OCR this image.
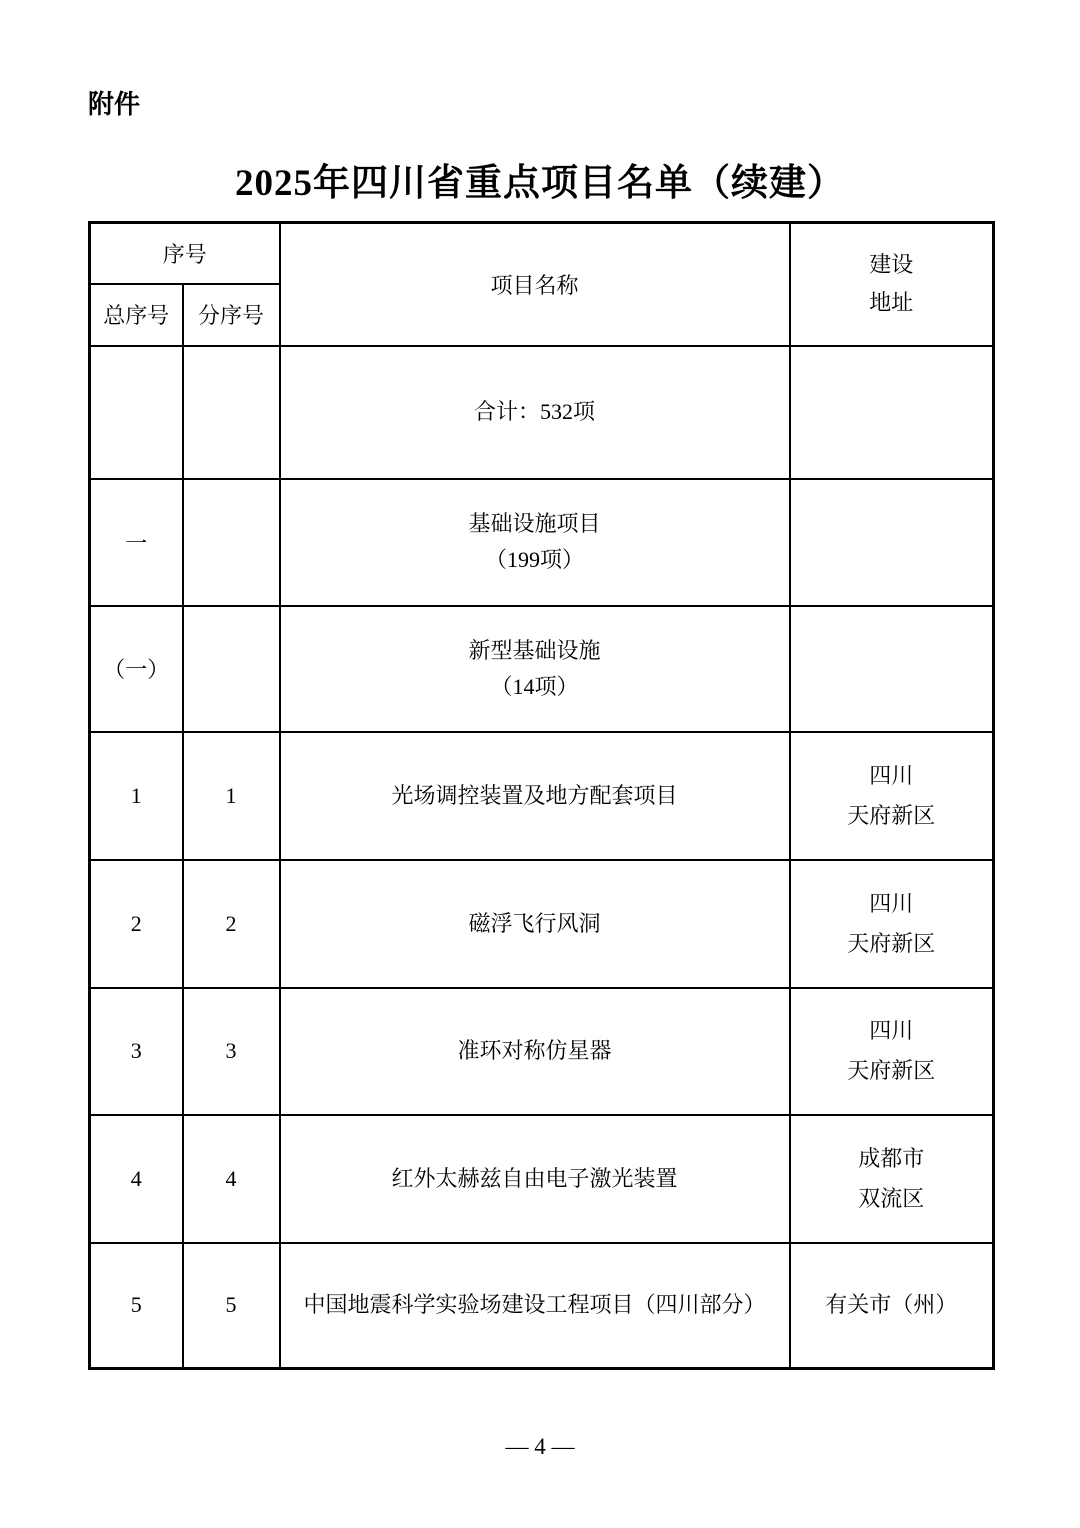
附件
2025年四川省重点项目名单（续建）
序号		项目名称	建设
地址

总序号	分序号		

		合计：532项	

一		基础设施项目
（199项）	

（一）		新型基础设施
（14项）	

1	1	光场调控装置及地方配套项目	四川
天府新区

2	2	磁浮飞行风洞	四川
天府新区

3	3	准环对称仿星器	四川
天府新区

4	4	红外太赫兹自由电子激光装置	成都市
双流区

5	5	中国地震科学实验场建设工程项目（四川部分）	有关市（州）
— 4 —
